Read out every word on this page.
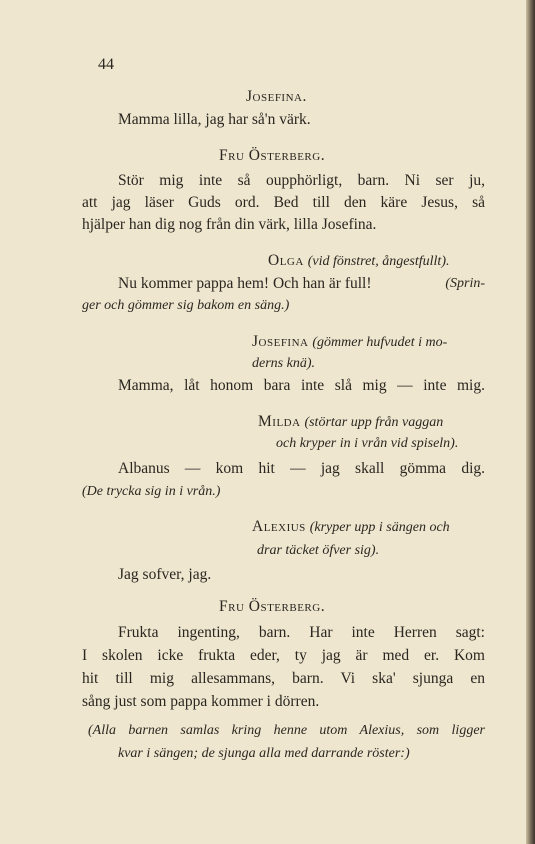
44
Josefina.
Mamma lilla, jag har så'n värk.
Fru Österberg.
Stör mig inte så oupphörligt, barn. Ni ser ju,
att jag läser Guds ord. Bed till den käre Jesus, så
hjälper han dig nog från din värk, lilla Josefina.
Olga (vid fönstret, ångestfullt).
Nu kommer pappa hem! Och han är full!	(Sprin-
ger och gömmer sig bakom en säng.)
Josefina (gömmer hufvudet i mo-
derns knä).
Mamma, låt honom bara inte slå mig — inte mig.
Milda (störtar upp från vaggan
och kryper in i vrån vid spiseln).
Albanus — kom hit — jag skall gömma dig.
(De trycka sig in i vrån.)
Alexius (kryper upp i sängen och
drar täcket öfver sig).
Jag sofver, jag.
Fru Österberg.
Frukta ingenting, barn. Har inte Herren sagt:
I skolen icke frukta eder, ty jag är med er. Kom
hit till mig allesammans, barn. Vi ska' sjunga en
sång just som pappa kommer i dörren.
(Alla barnen samlas kring henne utom Alexius, som ligger
kvar i sängen; de sjunga alla med darrande röster:)
